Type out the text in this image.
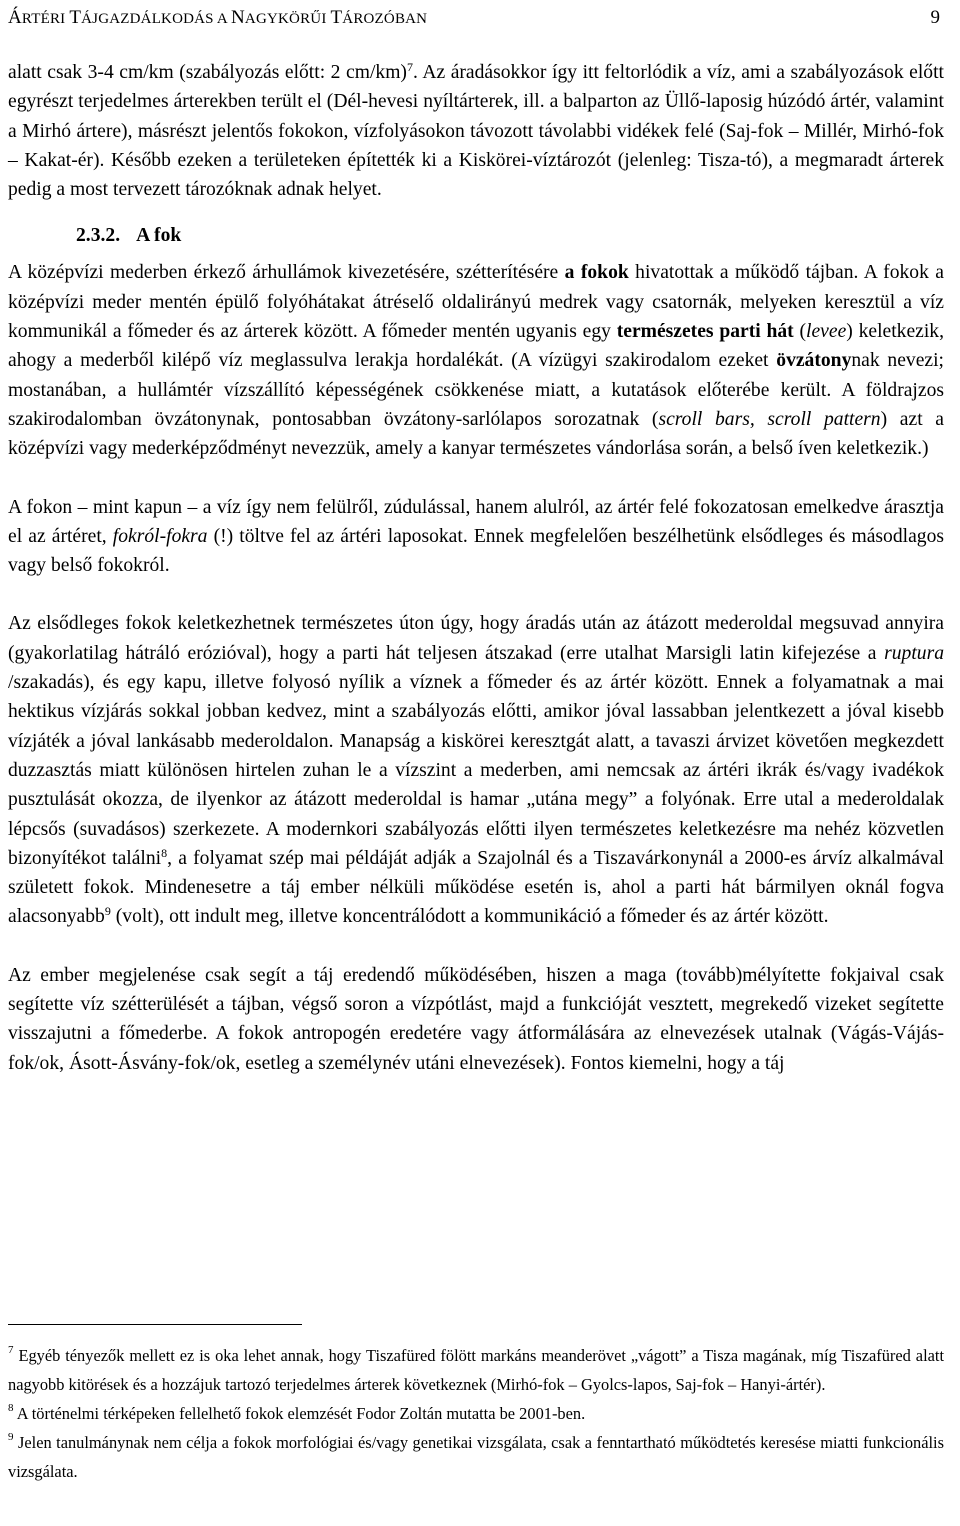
ÁRTÉRI TÁJGAZDÁLKODÁS A NAGYKÖRŰI TÁROZÓBAN	9

alatt csak 3-4 cm/km (szabályozás előtt: 2 cm/km)$^7$. Az áradásokkor így itt feltorlódik a víz, ami a szabályozások előtt egyrészt terjedelmes árterekben terült el (Dél-hevesi nyíltárterek, ill. a balparton az Üllő-laposig húzódó ártér, valamint a Mirhó ártere), másrészt jelentős fokokon, vízfolyásokon távozott távolabbi vidékek felé (Saj-fok – Millér, Mirhó-fok – Kakat-ér). Később ezeken a területeken építették ki a Kiskörei-víztározót (jelenleg: Tisza-tó), a megmaradt árterek pedig a most tervezett tározóknak adnak helyet.

2.3.2. A fok

A középvízi mederben érkező árhullámok kivezetésére, szétterítésére a fokok hivatottak a működő tájban. A fokok a középvízi meder mentén épülő folyóhátakat átréselő oldalirányú medrek vagy csatornák, melyeken keresztül a víz kommunikál a főmeder és az árterek között. A főmeder mentén ugyanis egy természetes parti hát (levee) keletkezik, ahogy a mederből kilépő víz meglassulva lerakja hordalékát. (A vízügyi szakirodalom ezeket övzátonynak nevezi; mostanában, a hullámtér vízszállító képességének csökkenése miatt, a kutatások előterébe került. A földrajzos szakirodalomban övzátonynak, pontosabban övzátony-sarlólapos sorozatnak (scroll bars, scroll pattern) azt a középvízi vagy mederképződményt nevezzük, amely a kanyar természetes vándorlása során, a belső íven keletkezik.)

A fokon – mint kapun – a víz így nem felülről, zúdulással, hanem alulról, az ártér felé fokozatosan emelkedve árasztja el az ártéret, fokról-fokra (!) töltve fel az ártéri laposokat. Ennek megfelelően beszélhetünk elsődleges és másodlagos vagy belső fokokról.

Az elsődleges fokok keletkezhetnek természetes úton úgy, hogy áradás után az átázott mederoldal megsuvad annyira (gyakorlatilag hátráló erózióval), hogy a parti hát teljesen átszakad (erre utalhat Marsigli latin kifejezése a ruptura /szakadás), és egy kapu, illetve folyosó nyílik a víznek a főmeder és az ártér között. Ennek a folyamatnak a mai hektikus vízjárás sokkal jobban kedvez, mint a szabályozás előtti, amikor jóval lassabban jelentkezett a jóval kisebb vízjáték a jóval lankásabb mederoldalon. Manapság a kiskörei keresztgát alatt, a tavaszi árvizet követően megkezdett duzzasztás miatt különösen hirtelen zuhan le a vízszint a mederben, ami nemcsak az ártéri ikrák és/vagy ivadékok pusztulását okozza, de ilyenkor az átázott mederoldal is hamar „utána megy” a folyónak. Erre utal a mederoldalak lépcsős (suvadásos) szerkezete. A modernkori szabályozás előtti ilyen természetes keletkezésre ma nehéz közvetlen bizonyítékot találni$^8$, a folyamat szép mai példáját adják a Szajolnál és a Tiszavárkonynál a 2000-es árvíz alkalmával született fokok. Mindenesetre a táj ember nélküli működése esetén is, ahol a parti hát bármilyen oknál fogva alacsonyabb$^9$ (volt), ott indult meg, illetve koncentrálódott a kommunikáció a főmeder és az ártér között.

Az ember megjelenése csak segít a táj eredendő működésében, hiszen a maga (tovább)mélyítette fokjaival csak segítette víz szétterülését a tájban, végső soron a vízpótlást, majd a funkcióját vesztett, megrekedő vizeket segítette visszajutni a főmederbe. A fokok antropogén eredetére vagy átformálására az elnevezések utalnak (Vágás-Vájás-fok/ok, Ásott-Ásvány-fok/ok, esetleg a személynév utáni elnevezések). Fontos kiemelni, hogy a táj

$^7$ Egyéb tényezők mellett ez is oka lehet annak, hogy Tiszafüred fölött markáns meanderövet „vágott” a Tisza magának, míg Tiszafüred alatt nagyobb kitörések és a hozzájuk tartozó terjedelmes árterek következnek (Mirhó-fok – Gyolcs-lapos, Saj-fok – Hanyi-ártér).

$^8$ A történelmi térképeken fellelhető fokok elemzését Fodor Zoltán mutatta be 2001-ben.

$^9$ Jelen tanulmánynak nem célja a fokok morfológiai és/vagy genetikai vizsgálata, csak a fenntartható működtetés keresése miatti funkcionális vizsgálata.
